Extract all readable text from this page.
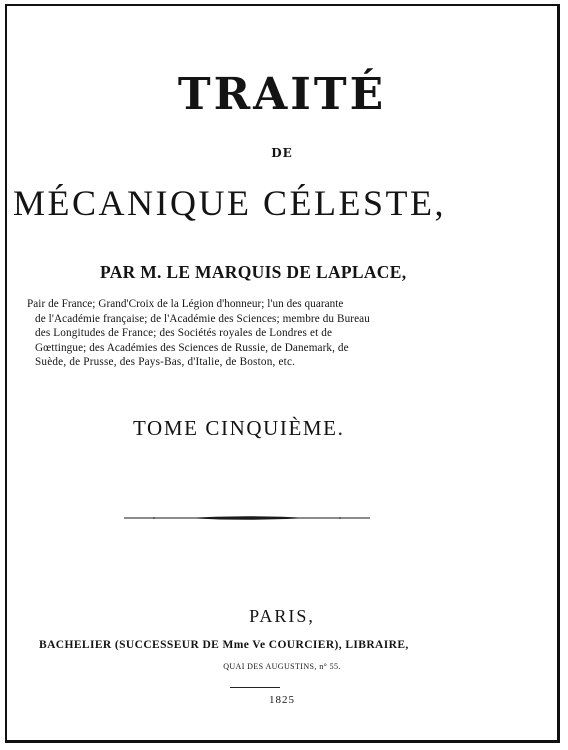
TRAITÉ
DE
MÉCANIQUE CÉLESTE,
PAR M. LE MARQUIS DE LAPLACE,
Pair de France; Grand'Croix de la Légion d'honneur; l'un des quarante
de l'Académie française; de l'Académie des Sciences; membre du Bureau
des Longitudes de France; des Sociétés royales de Londres et de
Gœttingue; des Académies des Sciences de Russie, de Danemark, de
Suède, de Prusse, des Pays-Bas, d'Italie, de Boston, etc.
TOME CINQUIÈME.
PARIS,
BACHELIER (SUCCESSEUR DE Mme Ve COURCIER), LIBRAIRE,
QUAI DES AUGUSTINS, n° 55.
1825
